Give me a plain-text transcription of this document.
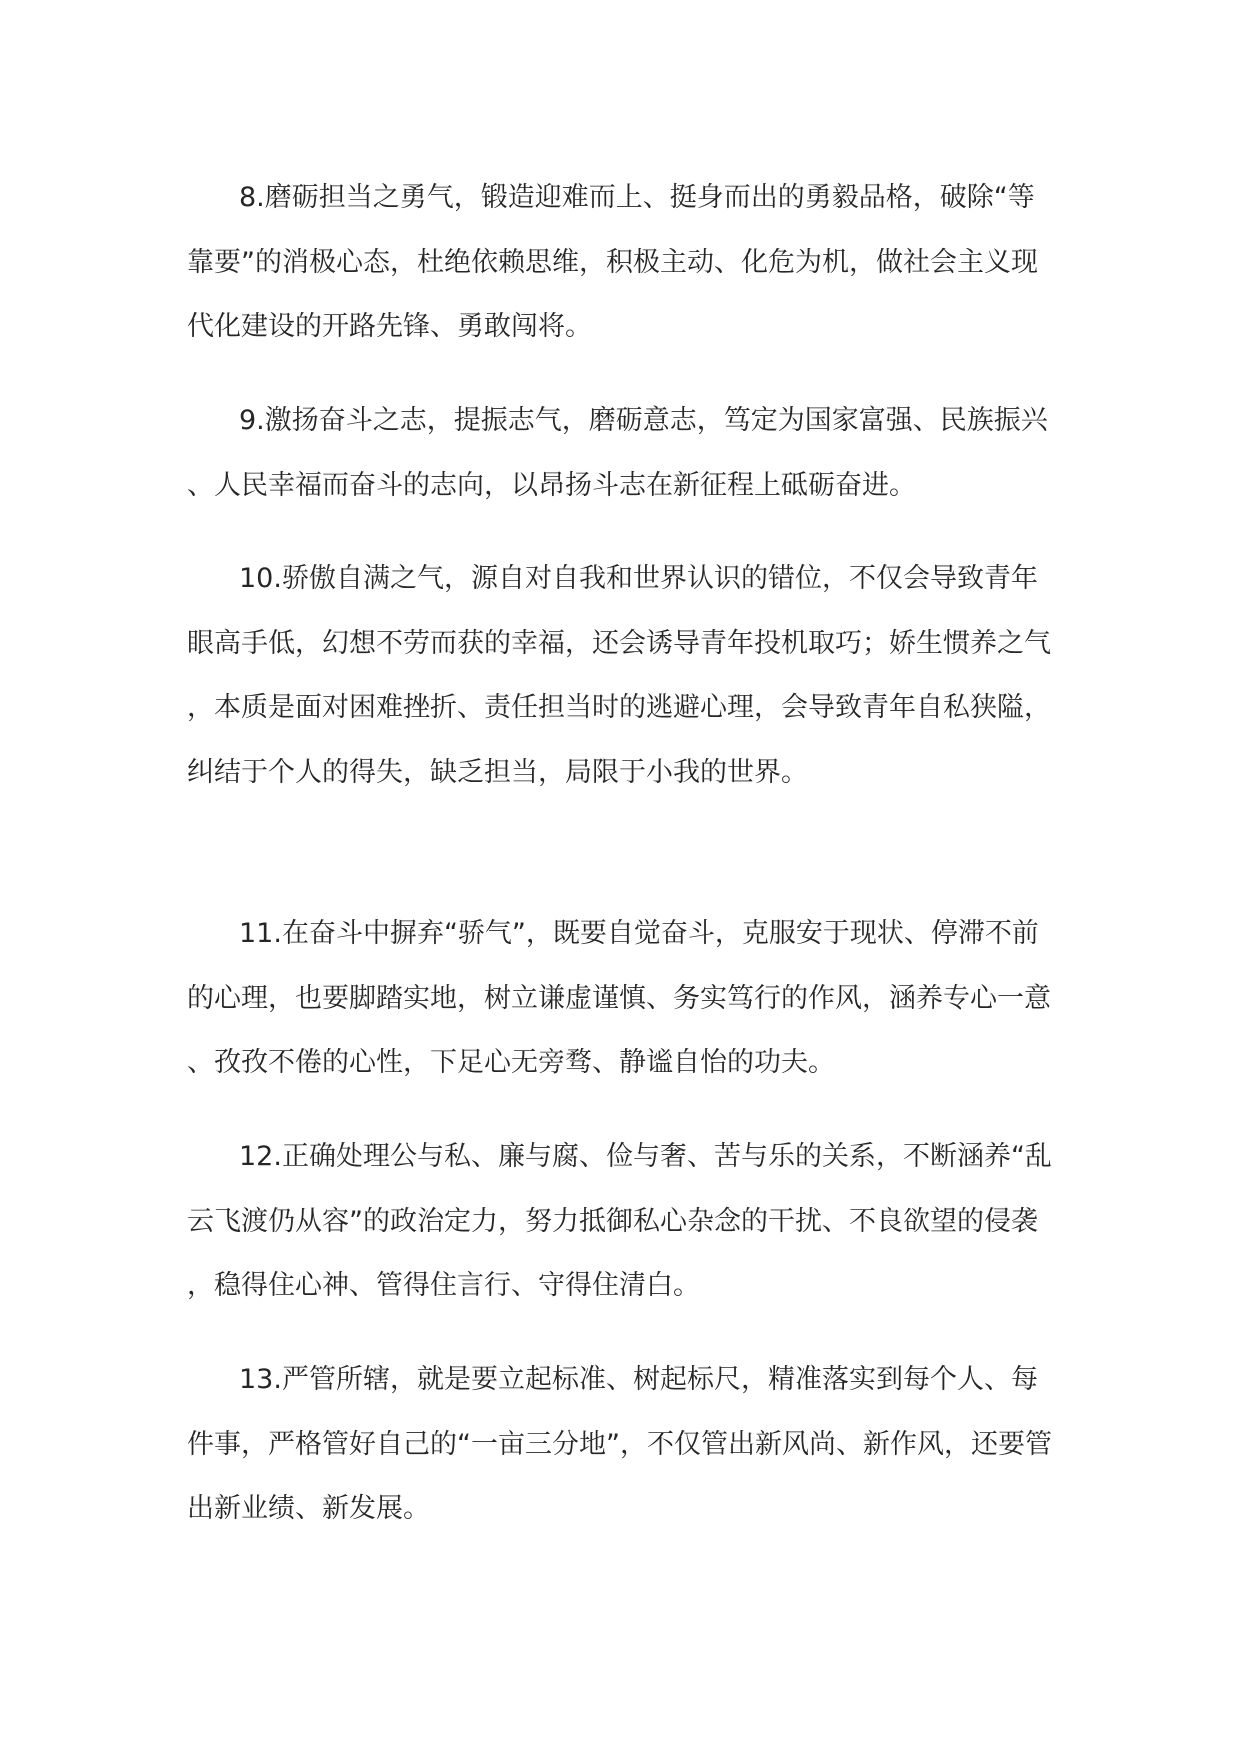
8.磨砺担当之勇气，锻造迎难而上、挺身而出的勇毅品格，破除“等靠要”的消极心态，杜绝依赖思维，积极主动、化危为机，做社会主义现代化建设的开路先锋、勇敢闯将。

9.激扬奋斗之志，提振志气，磨砺意志，笃定为国家富强、民族振兴、人民幸福而奋斗的志向，以昂扬斗志在新征程上砥砺奋进。

10.骄傲自满之气，源自对自我和世界认识的错位，不仅会导致青年眼高手低，幻想不劳而获的幸福，还会诱导青年投机取巧；娇生惯养之气，本质是面对困难挫折、责任担当时的逃避心理，会导致青年自私狭隘，纠结于个人的得失，缺乏担当，局限于小我的世界。

11.在奋斗中摒弃“骄气”，既要自觉奋斗，克服安于现状、停滞不前的心理，也要脚踏实地，树立谦虚谨慎、务实笃行的作风，涵养专心一意、孜孜不倦的心性，下足心无旁骛、静谧自怡的功夫。

12.正确处理公与私、廉与腐、俭与奢、苦与乐的关系，不断涵养“乱云飞渡仍从容”的政治定力，努力抵御私心杂念的干扰、不良欲望的侵袭，稳得住心神、管得住言行、守得住清白。

13.严管所辖，就是要立起标准、树起标尺，精准落实到每个人、每件事，严格管好自己的“一亩三分地”，不仅管出新风尚、新作风，还要管出新业绩、新发展。
